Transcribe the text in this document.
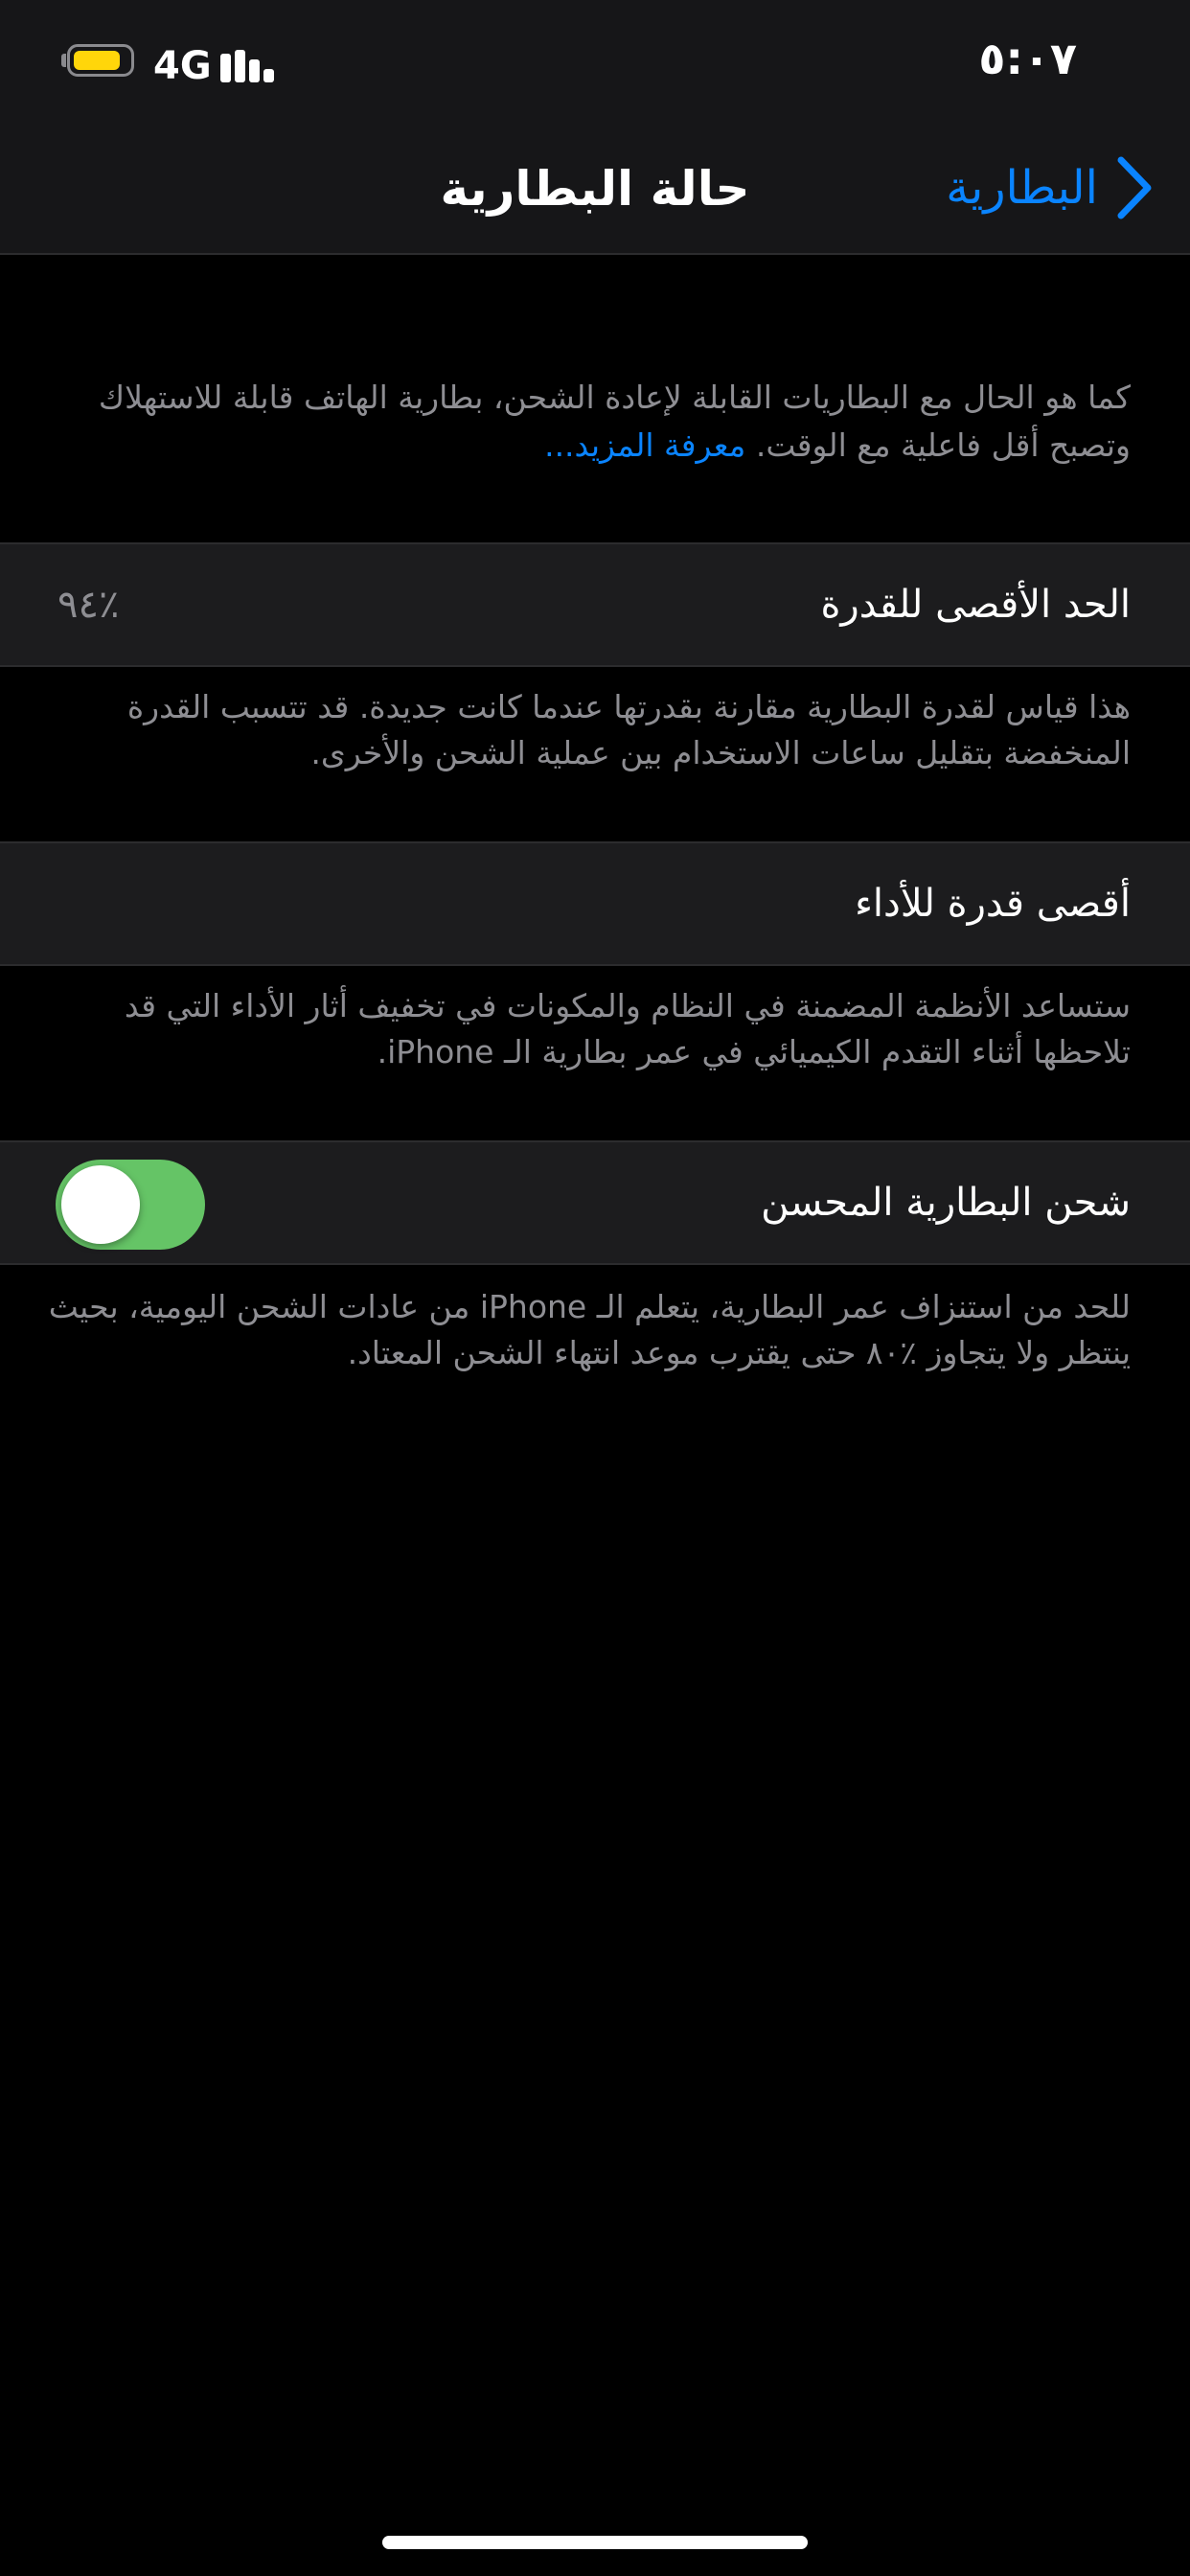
4G	٥:٠٧
حالة البطارية	البطارية
كما هو الحال مع البطاريات القابلة لإعادة الشحن، بطارية الهاتف قابلة للاستهلاك وتصبح أقل فاعلية مع الوقت. معرفة المزيد...
الحد الأقصى للقدرة
٪٩٤
هذا قياس لقدرة البطارية مقارنة بقدرتها عندما كانت جديدة. قد تتسبب القدرة المنخفضة بتقليل ساعات الاستخدام بين عملية الشحن والأخرى.
أقصى قدرة للأداء
ستساعد الأنظمة المضمنة في النظام والمكونات في تخفيف أثار الأداء التي قد تلاحظها أثناء التقدم الكيميائي في عمر بطارية الـ iPhone.
شحن البطارية المحسن
للحد من استنزاف عمر البطارية، يتعلم الـ iPhone من عادات الشحن اليومية، بحيث ينتظر ولا يتجاوز ٪٨٠ حتى يقترب موعد انتهاء الشحن المعتاد.
